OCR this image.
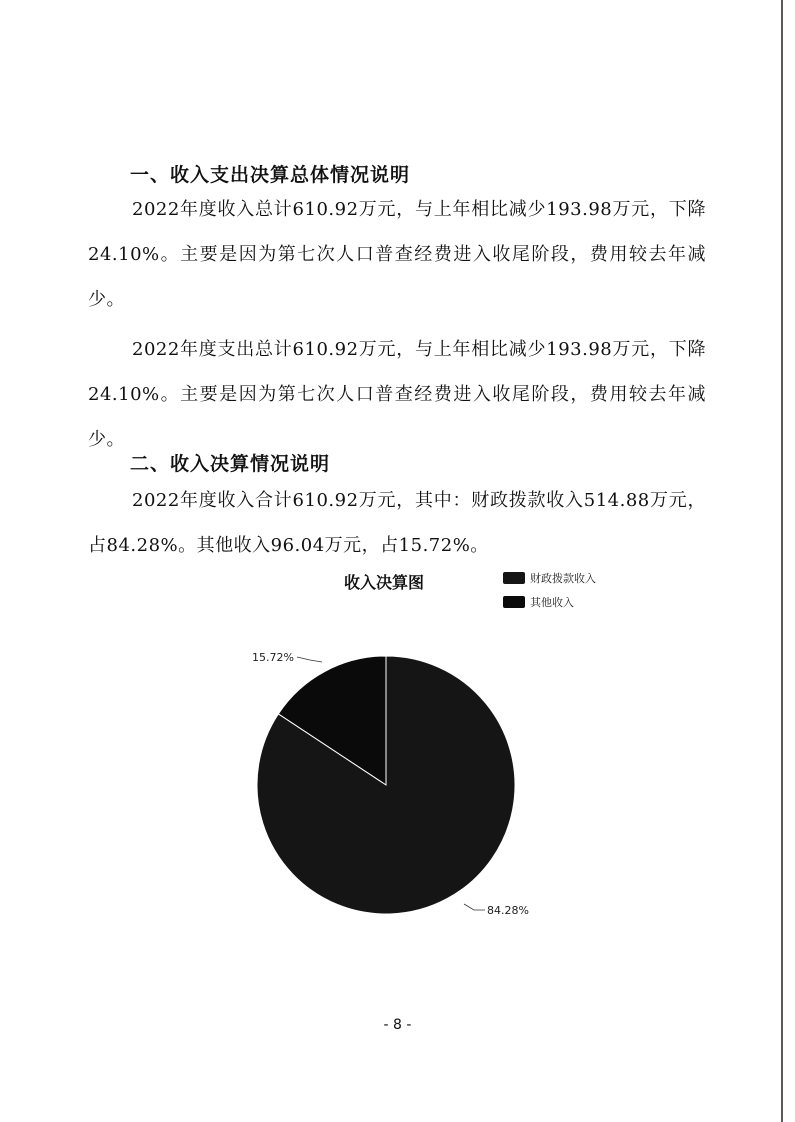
一、收入支出决算总体情况说明

2022年度收入总计610.92万元，与上年相比减少193.98万元，下降24.10%。主要是因为第七次人口普查经费进入收尾阶段，费用较去年减少。

2022年度支出总计610.92万元，与上年相比减少193.98万元，下降24.10%。主要是因为第七次人口普查经费进入收尾阶段，费用较去年减少。

二、收入决算情况说明

2022年度收入合计610.92万元，其中：财政拨款收入514.88万元，占84.28%。其他收入96.04万元，占15.72%。

收入决算图	财政拨款收入
其他收入
84.28%
15.72%

- 8 -
